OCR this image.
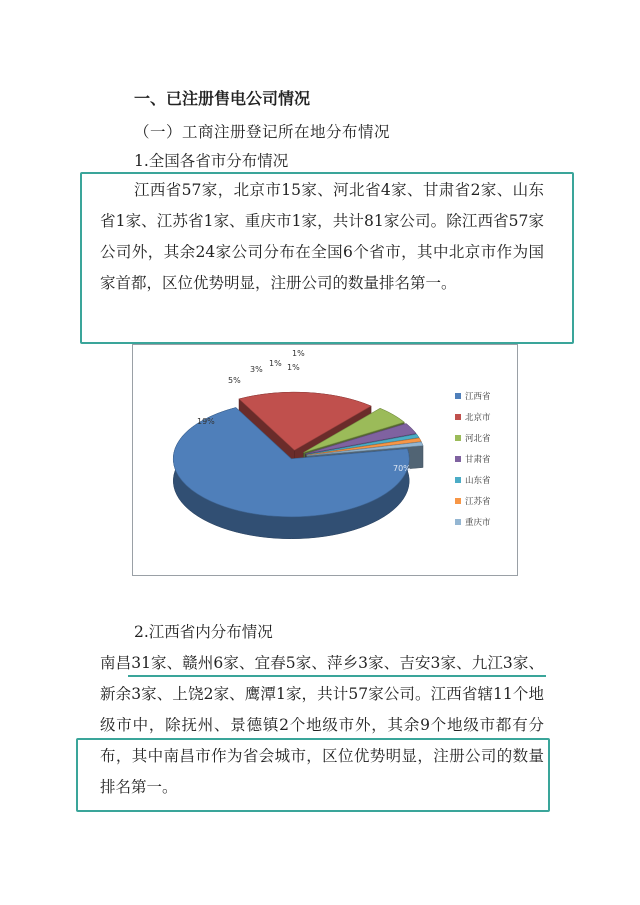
一、已注册售电公司情况
（一）工商注册登记所在地分布情况
1.全国各省市分布情况
江西省57家，北京市15家、河北省4家、甘肃省2家、山东省1家、江苏省1家、重庆市1家，共计81家公司。除江西省57家公司外，其余24家公司分布在全国6个省市，其中北京市作为国家首都，区位优势明显，注册公司的数量排名第一。
70%
19%
5%
3%
1% 1%
1%
江西省
北京市
河北省
甘肃省
山东省
江苏省
重庆市
2.江西省内分布情况
南昌31家、赣州6家、宜春5家、萍乡3家、吉安3家、九江3家、新余3家、上饶2家、鹰潭1家，共计57家公司。江西省辖11个地级市中，除抚州、景德镇2个地级市外，其余9个地级市都有分布，其中南昌市作为省会城市，区位优势明显，注册公司的数量排名第一。
